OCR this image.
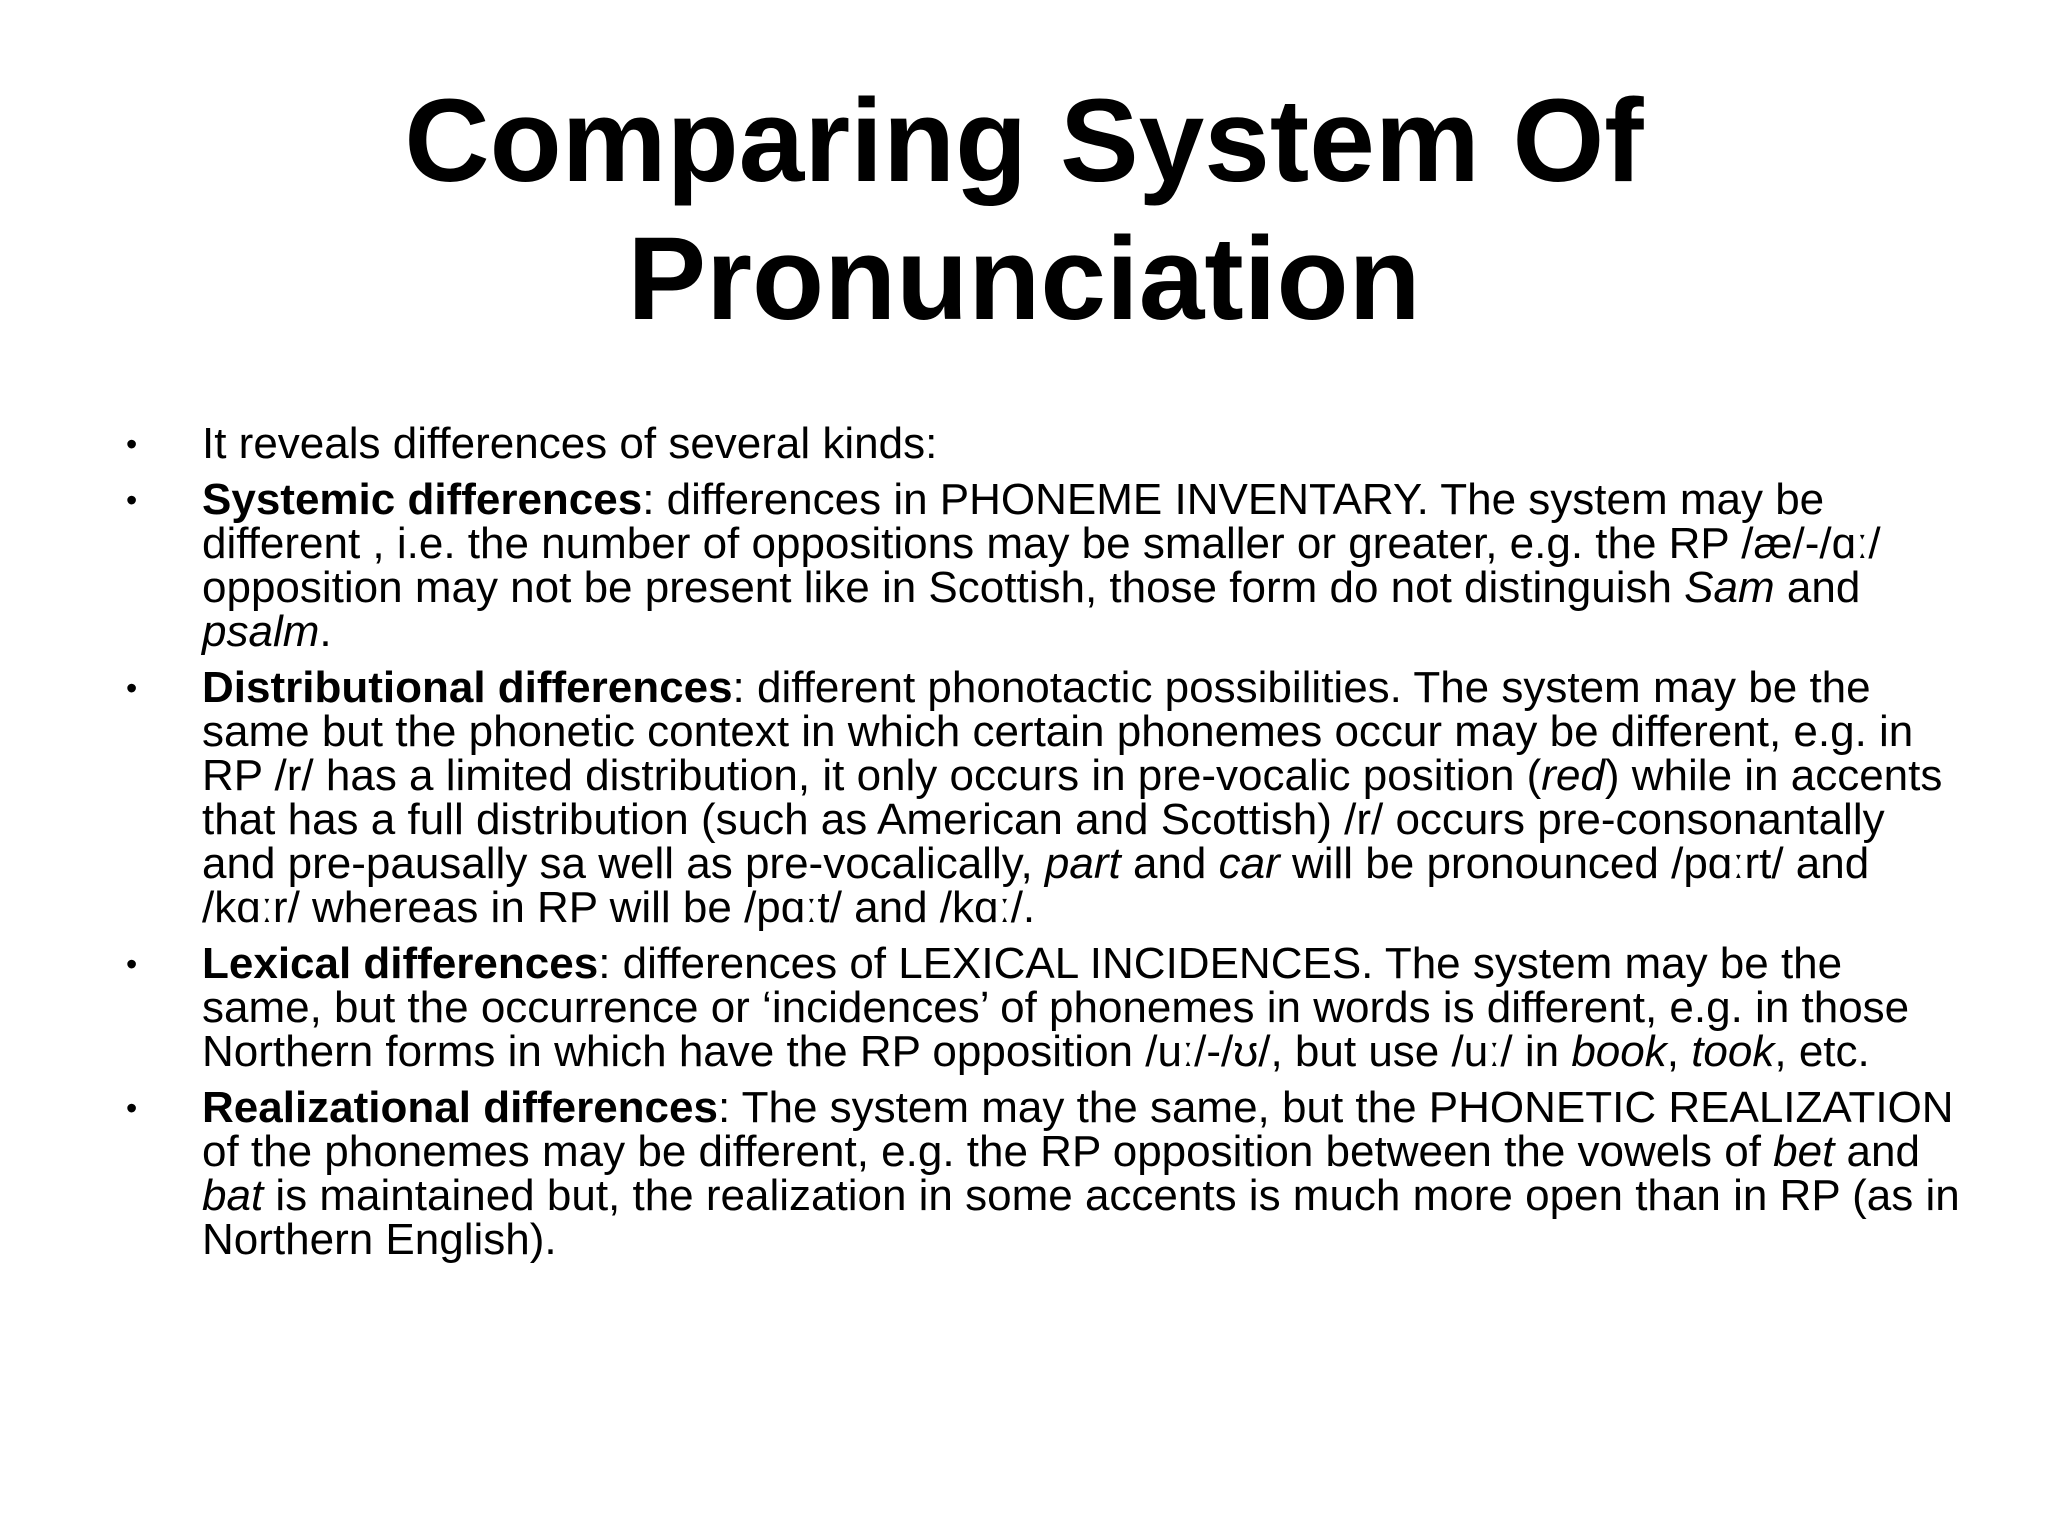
Comparing System Of
Pronunciation
• It reveals differences of several kinds:
• Systemic differences: differences in PHONEME INVENTARY. The system may be different , i.e. the number of oppositions may be smaller or greater, e.g. the RP /æ/-/ɑː/ opposition may not be present like in Scottish, those form do not distinguish Sam and psalm.
• Distributional differences: different phonotactic possibilities. The system may be the same but the phonetic context in which certain phonemes occur may be different, e.g. in RP /r/ has a limited distribution, it only occurs in pre-vocalic position (red) while in accents that has a full distribution (such as American and Scottish) /r/ occurs pre-consonantally and pre-pausally sa well as pre-vocalically, part and car will be pronounced /pɑːrt/ and /kɑːr/ whereas in RP will be /pɑːt/ and /kɑː/.
• Lexical differences: differences of LEXICAL INCIDENCES. The system may be the same, but the occurrence or ‘incidences’ of phonemes in words is different, e.g. in those Northern forms in which have the RP opposition /uː/-/ʊ/, but use /uː/ in book, took, etc.
• Realizational differences: The system may the same, but the PHONETIC REALIZATION of the phonemes may be different, e.g. the RP opposition between the vowels of bet and bat is maintained but, the realization in some accents is much more open than in RP (as in Northern English).
